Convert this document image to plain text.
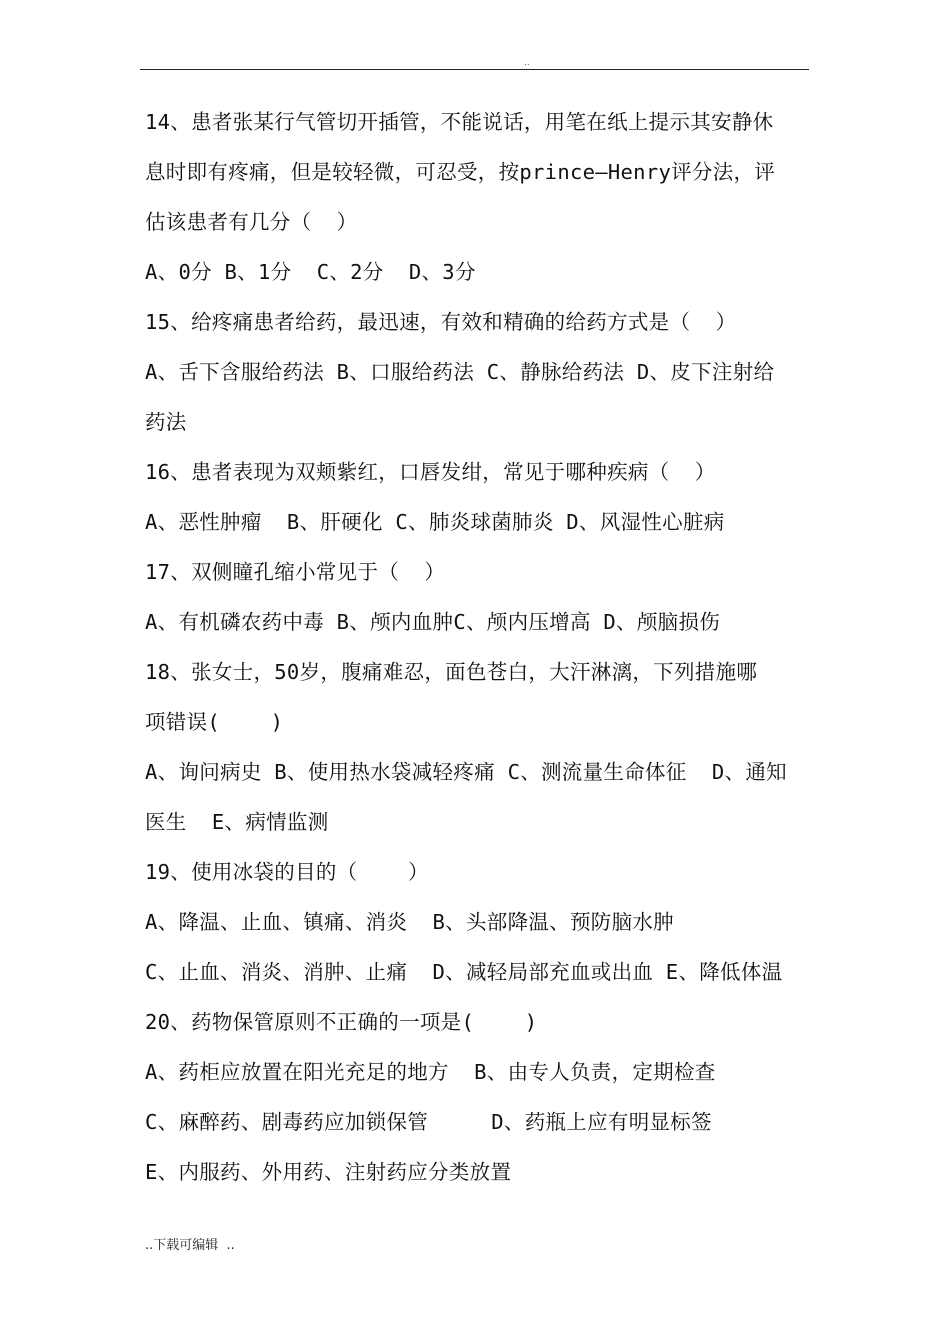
..
14、患者张某行气管切开插管，不能说话，用笔在纸上提示其安静休
息时即有疼痛，但是较轻微，可忍受，按prince—Henry评分法，评
估该患者有几分（  ）
A、0分 B、1分  C、2分  D、3分
15、给疼痛患者给药，最迅速，有效和精确的给药方式是（  ）
A、舌下含服给药法 B、口服给药法 C、静脉给药法 D、皮下注射给
药法
16、患者表现为双颊紫红，口唇发绀，常见于哪种疾病（  ）
A、恶性肿瘤  B、肝硬化 C、肺炎球菌肺炎 D、风湿性心脏病
17、双侧瞳孔缩小常见于（  ）
A、有机磷农药中毒 B、颅内血肿C、颅内压增高 D、颅脑损伤
18、张女士，50岁，腹痛难忍，面色苍白，大汗淋漓，下列措施哪
项错误(    )
A、询问病史 B、使用热水袋减轻疼痛 C、测流量生命体征  D、通知
医生  E、病情监测
19、使用冰袋的目的（    ）
A、降温、止血、镇痛、消炎  B、头部降温、预防脑水肿
C、止血、消炎、消肿、止痛  D、减轻局部充血或出血 E、降低体温
20、药物保管原则不正确的一项是(    )
A、药柜应放置在阳光充足的地方  B、由专人负责，定期检查
C、麻醉药、剧毒药应加锁保管     D、药瓶上应有明显标签
E、内服药、外用药、注射药应分类放置
..下载可编辑  ..
